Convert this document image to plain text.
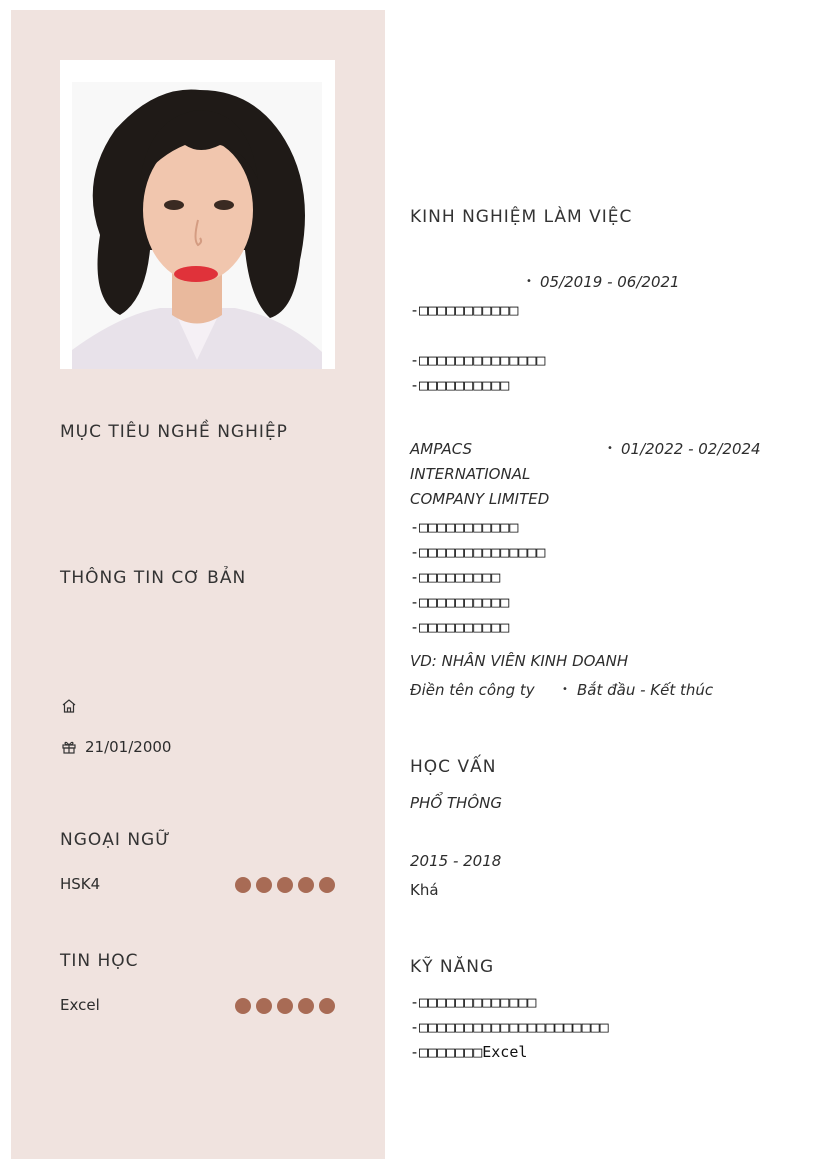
MỤC TIÊU NGHỀ NGHIỆP
THÔNG TIN CƠ BẢN
21/01/2000
NGOẠI NGỮ
HSK4
TIN HỌC
Excel
KINH NGHIỆM LÀM VIỆC
• 05/2019 - 06/2021
-□□□□□□□□□□□
-□□□□□□□□□□□□□□
-□□□□□□□□□□
AMPACS
INTERNATIONAL
COMPANY LIMITED
• 01/2022 - 02/2024
-□□□□□□□□□□□
-□□□□□□□□□□□□□□
-□□□□□□□□□
-□□□□□□□□□□
-□□□□□□□□□□
VD: NHÂN VIÊN KINH DOANH
Điền tên công ty	• Bắt đầu - Kết thúc
HỌC VẤN
PHỔ THÔNG
2015 - 2018
Khá
KỸ NĂNG
-□□□□□□□□□□□□□
-□□□□□□□□□□□□□□□□□□□□□
-□□□□□□□Excel
